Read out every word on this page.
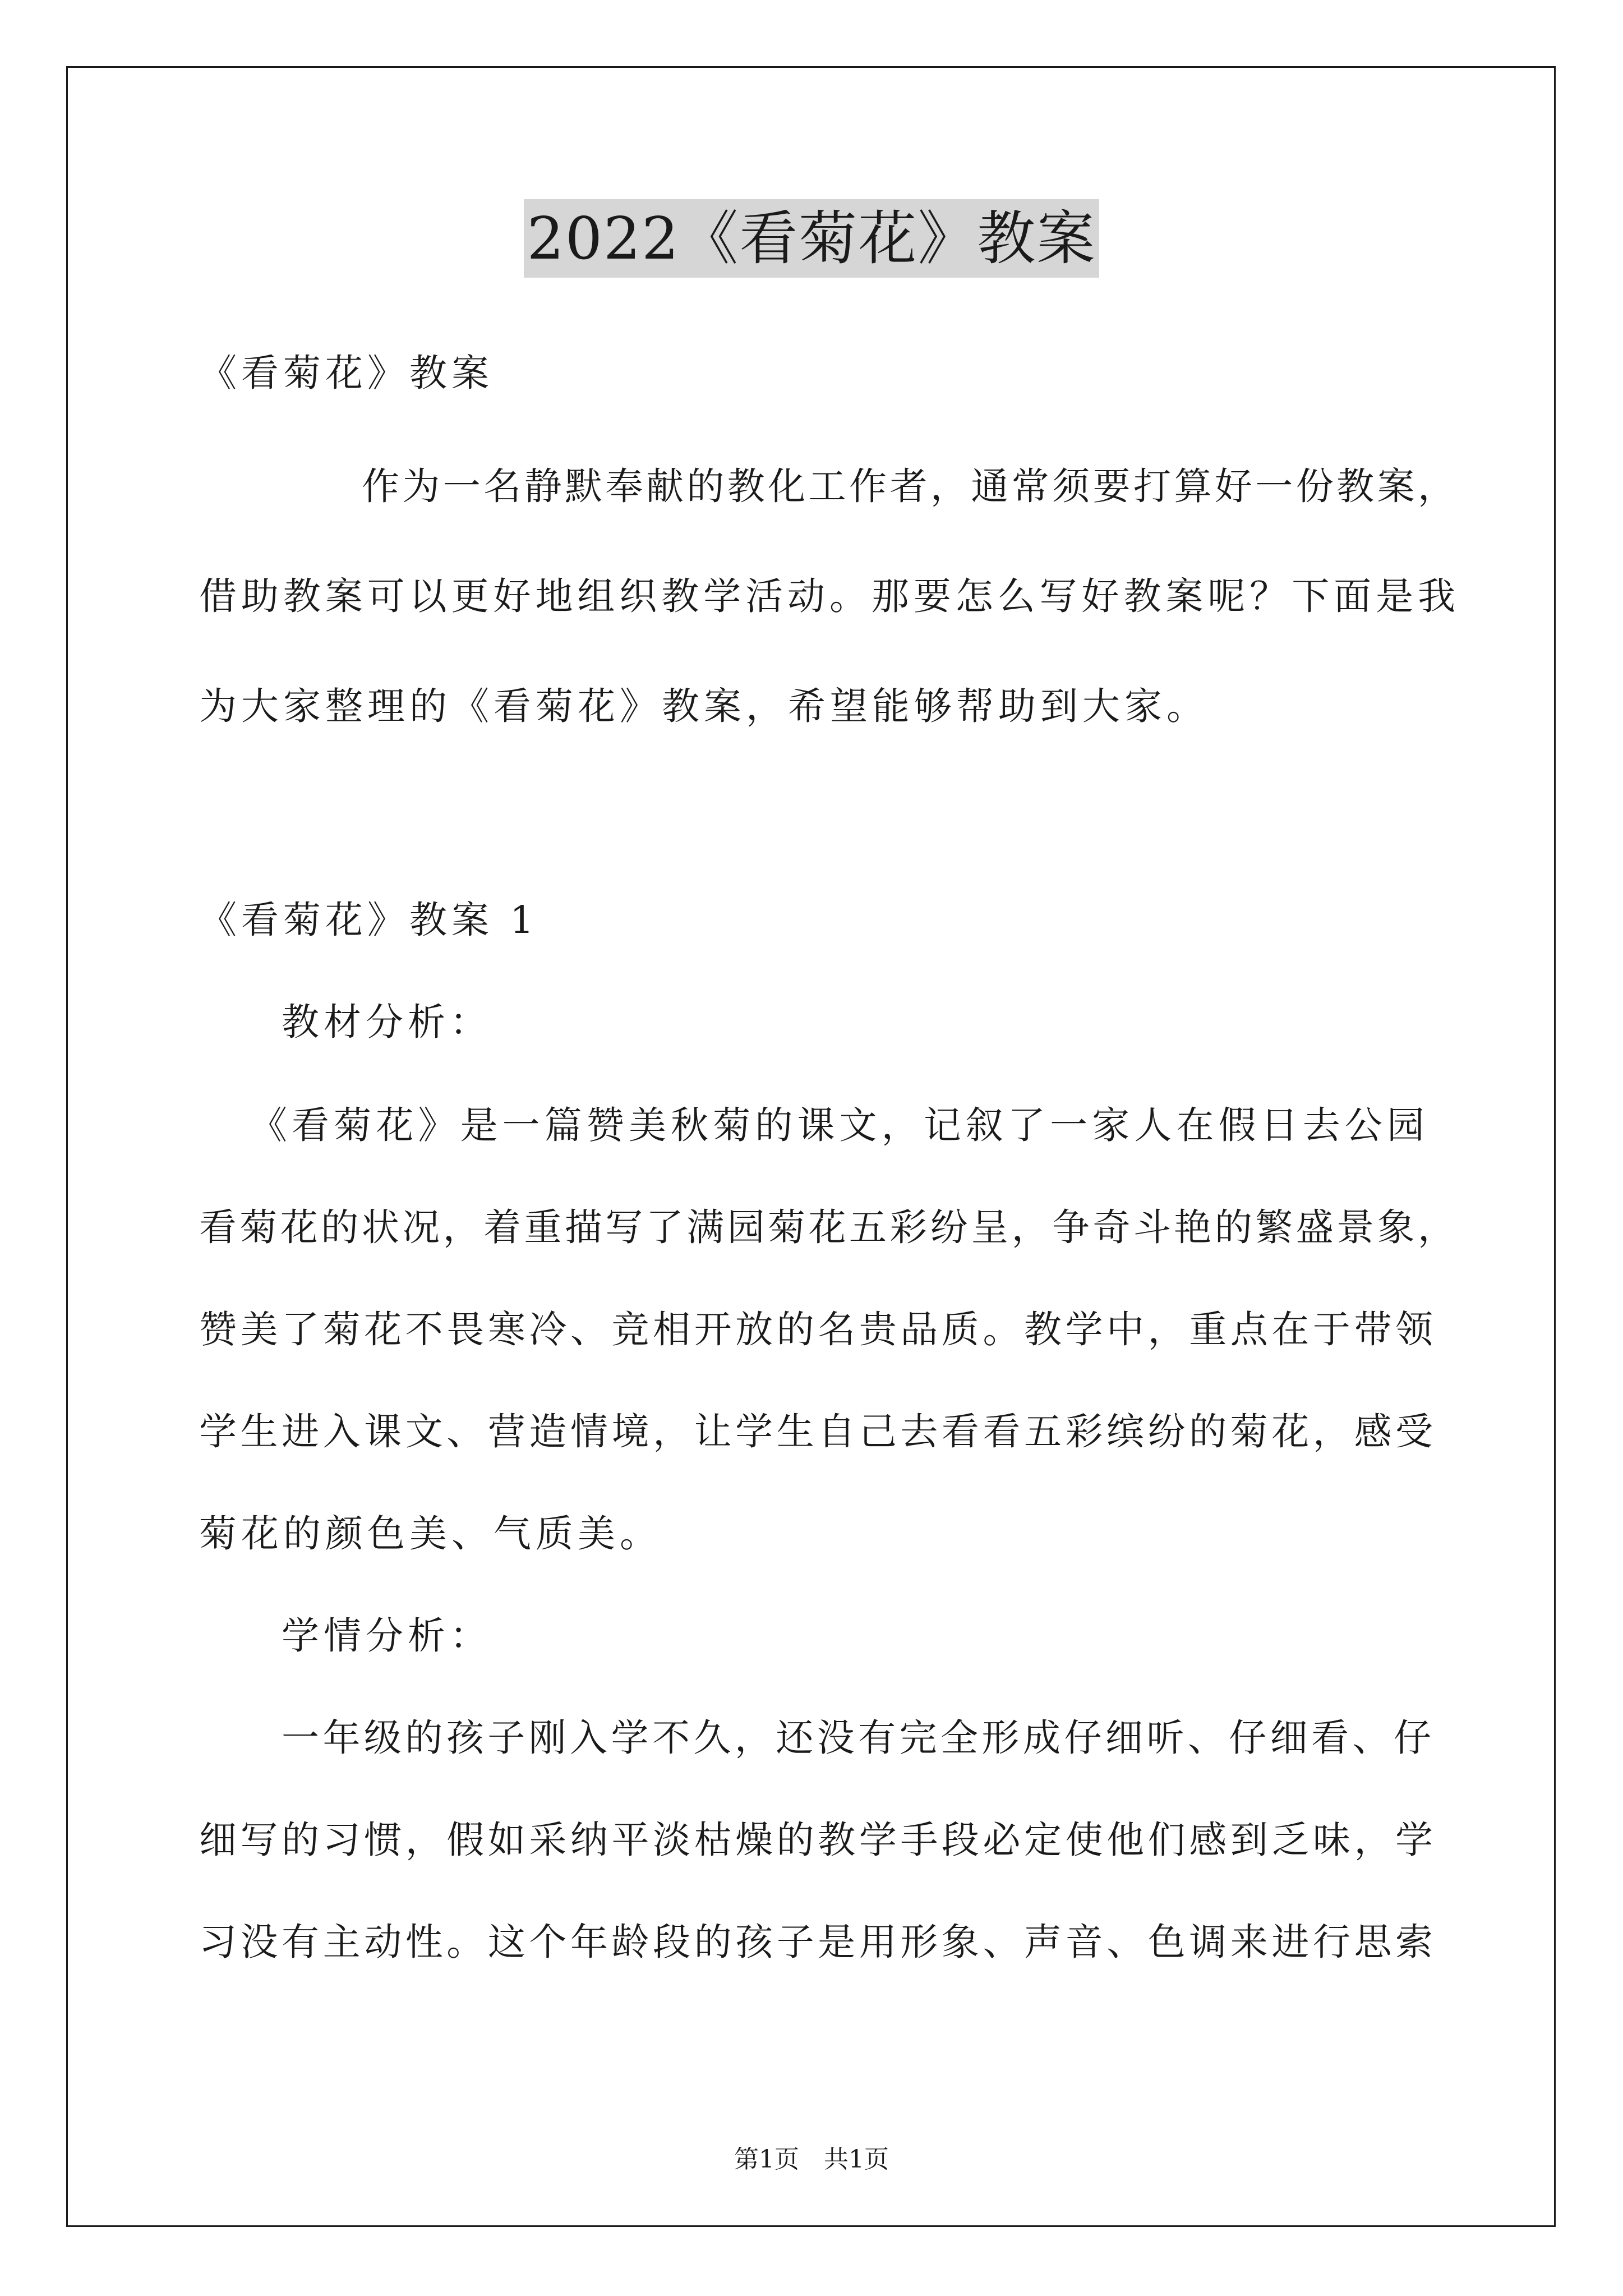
2022《看菊花》教案
《看菊花》教案
作为一名静默奉献的教化工作者，通常须要打算好一份教案，
借助教案可以更好地组织教学活动。那要怎么写好教案呢？下面是我
为大家整理的《看菊花》教案，希望能够帮助到大家。
《看菊花》教案 1
教材分析：
《看菊花》是一篇赞美秋菊的课文，记叙了一家人在假日去公园
看菊花的状况，着重描写了满园菊花五彩纷呈，争奇斗艳的繁盛景象，
赞美了菊花不畏寒冷、竞相开放的名贵品质。教学中，重点在于带领
学生进入课文、营造情境，让学生自己去看看五彩缤纷的菊花，感受
菊花的颜色美、气质美。
学情分析：
一年级的孩子刚入学不久，还没有完全形成仔细听、仔细看、仔
细写的习惯，假如采纳平淡枯燥的教学手段必定使他们感到乏味，学
习没有主动性。这个年龄段的孩子是用形象、声音、色调来进行思索
第1页　共1页
